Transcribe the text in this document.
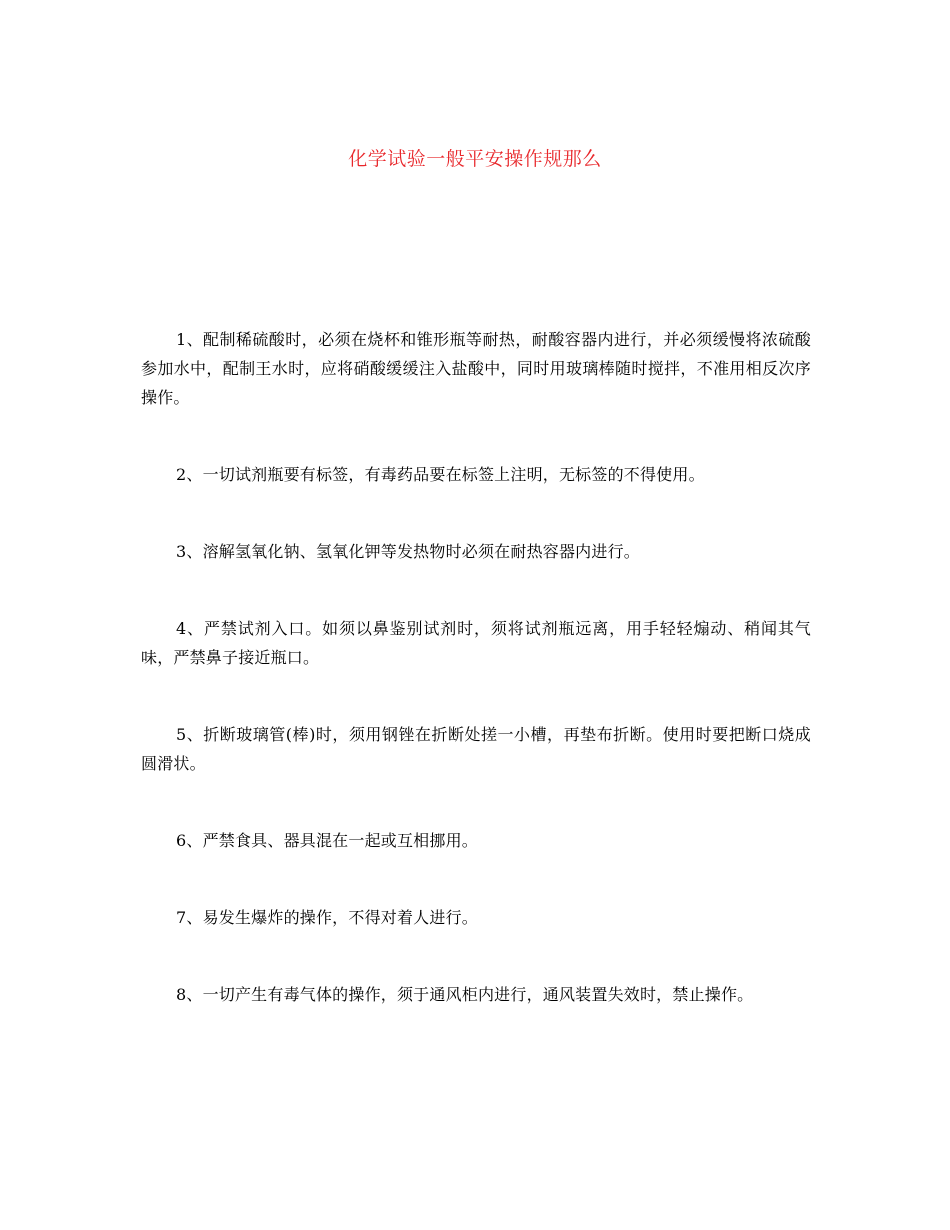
化学试验一般平安操作规那么

1、配制稀硫酸时，必须在烧杯和锥形瓶等耐热，耐酸容器内进行，并必须缓慢将浓硫酸参加水中，配制王水时，应将硝酸缓缓注入盐酸中，同时用玻璃棒随时搅拌，不准用相反次序操作。

2、一切试剂瓶要有标签，有毒药品要在标签上注明，无标签的不得使用。

3、溶解氢氧化钠、氢氧化钾等发热物时必须在耐热容器内进行。

4、严禁试剂入口。如须以鼻鉴别试剂时，须将试剂瓶远离，用手轻轻煽动、稍闻其气味，严禁鼻子接近瓶口。

5、折断玻璃管(棒)时，须用钢锉在折断处搓一小槽，再垫布折断。使用时要把断口烧成圆滑状。

6、严禁食具、器具混在一起或互相挪用。

7、易发生爆炸的操作，不得对着人进行。

8、一切产生有毒气体的操作，须于通风柜内进行，通风装置失效时，禁止操作。
